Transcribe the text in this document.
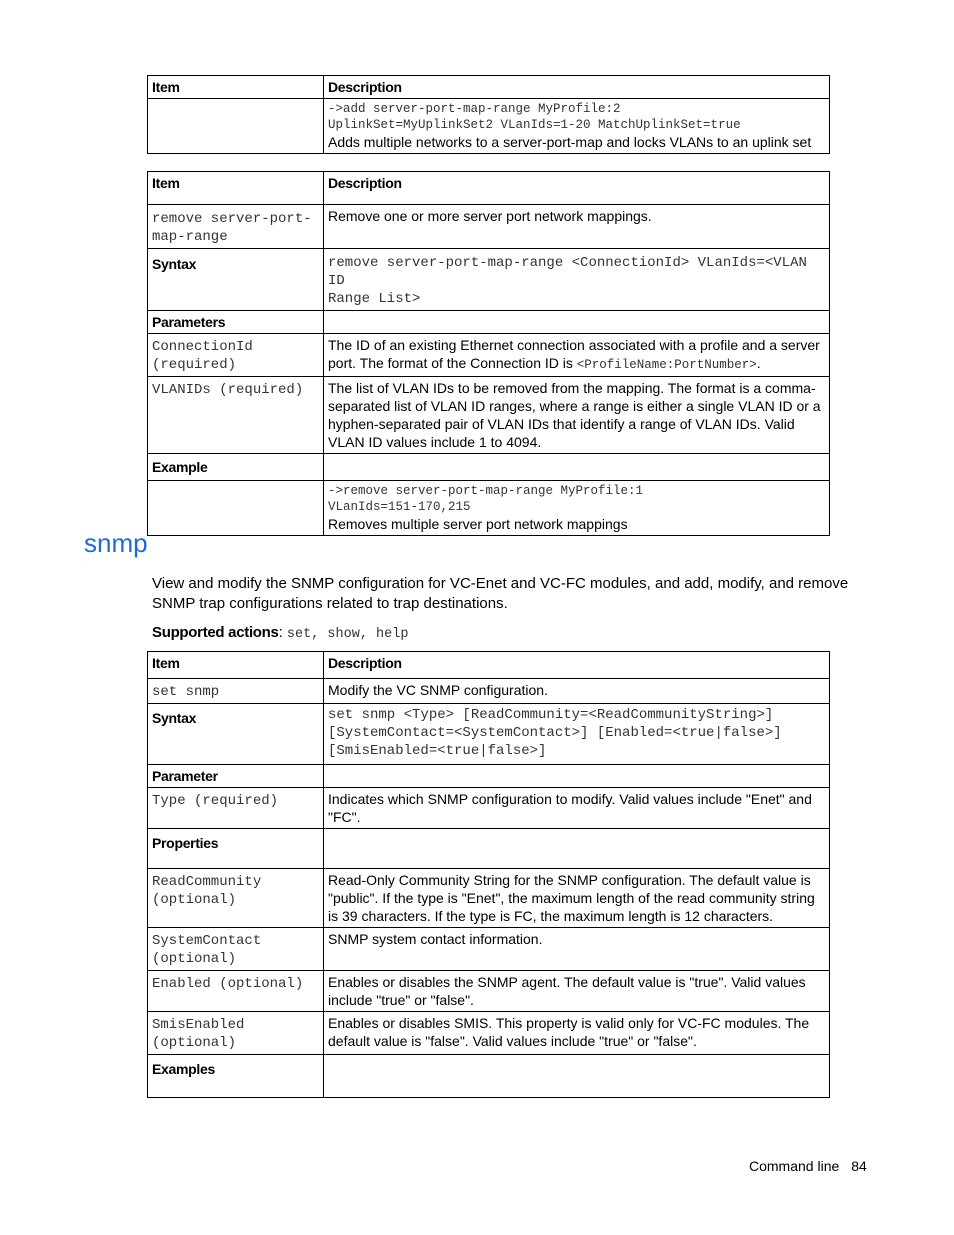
Item	Description

	->add server-port-map-range MyProfile:2
UplinkSet=MyUplinkSet2 VLanIds=1-20 MatchUplinkSet=true
Adds multiple networks to a server-port-map and locks VLANs to an uplink set
Item	Description
remove server-port-
map-range	Remove one or more server port network mappings.
Syntax	remove server-port-map-range <ConnectionId> VLanIds=<VLAN ID
Range List>
Parameters	
ConnectionId
(required)	The ID of an existing Ethernet connection associated with a profile and a server port. The format of the Connection ID is <ProfileName:PortNumber>.
VLANIDs (required)	The list of VLAN IDs to be removed from the mapping. The format is a comma-separated list of VLAN ID ranges, where a range is either a single VLAN ID or a hyphen-separated pair of VLAN IDs that identify a range of VLAN IDs. Valid VLAN ID values include 1 to 4094.
Example	

	->remove server-port-map-range MyProfile:1
VLanIds=151-170,215
Removes multiple server port network mappings
snmp

View and modify the SNMP configuration for VC-Enet and VC-FC modules, and add, modify, and remove SNMP trap configurations related to trap destinations.

Supported actions: set, show, help

Item	Description
set snmp	Modify the VC SNMP configuration.
Syntax	set snmp <Type> [ReadCommunity=<ReadCommunityString>]
[SystemContact=<SystemContact>] [Enabled=<true|false>]
[SmisEnabled=<true|false>]
Parameter	
Type (required)	Indicates which SNMP configuration to modify. Valid values include "Enet" and "FC".
Properties	
ReadCommunity
(optional)	Read-Only Community String for the SNMP configuration. The default value is "public". If the type is "Enet", the maximum length of the read community string is 39 characters. If the type is FC, the maximum length is 12 characters.
SystemContact
(optional)	SNMP system contact information.
Enabled (optional)	Enables or disables the SNMP agent. The default value is "true". Valid values include "true" or "false".
SmisEnabled
(optional)	Enables or disables SMIS. This property is valid only for VC-FC modules. The default value is "false". Valid values include "true" or "false".
Examples	
Command line 84
